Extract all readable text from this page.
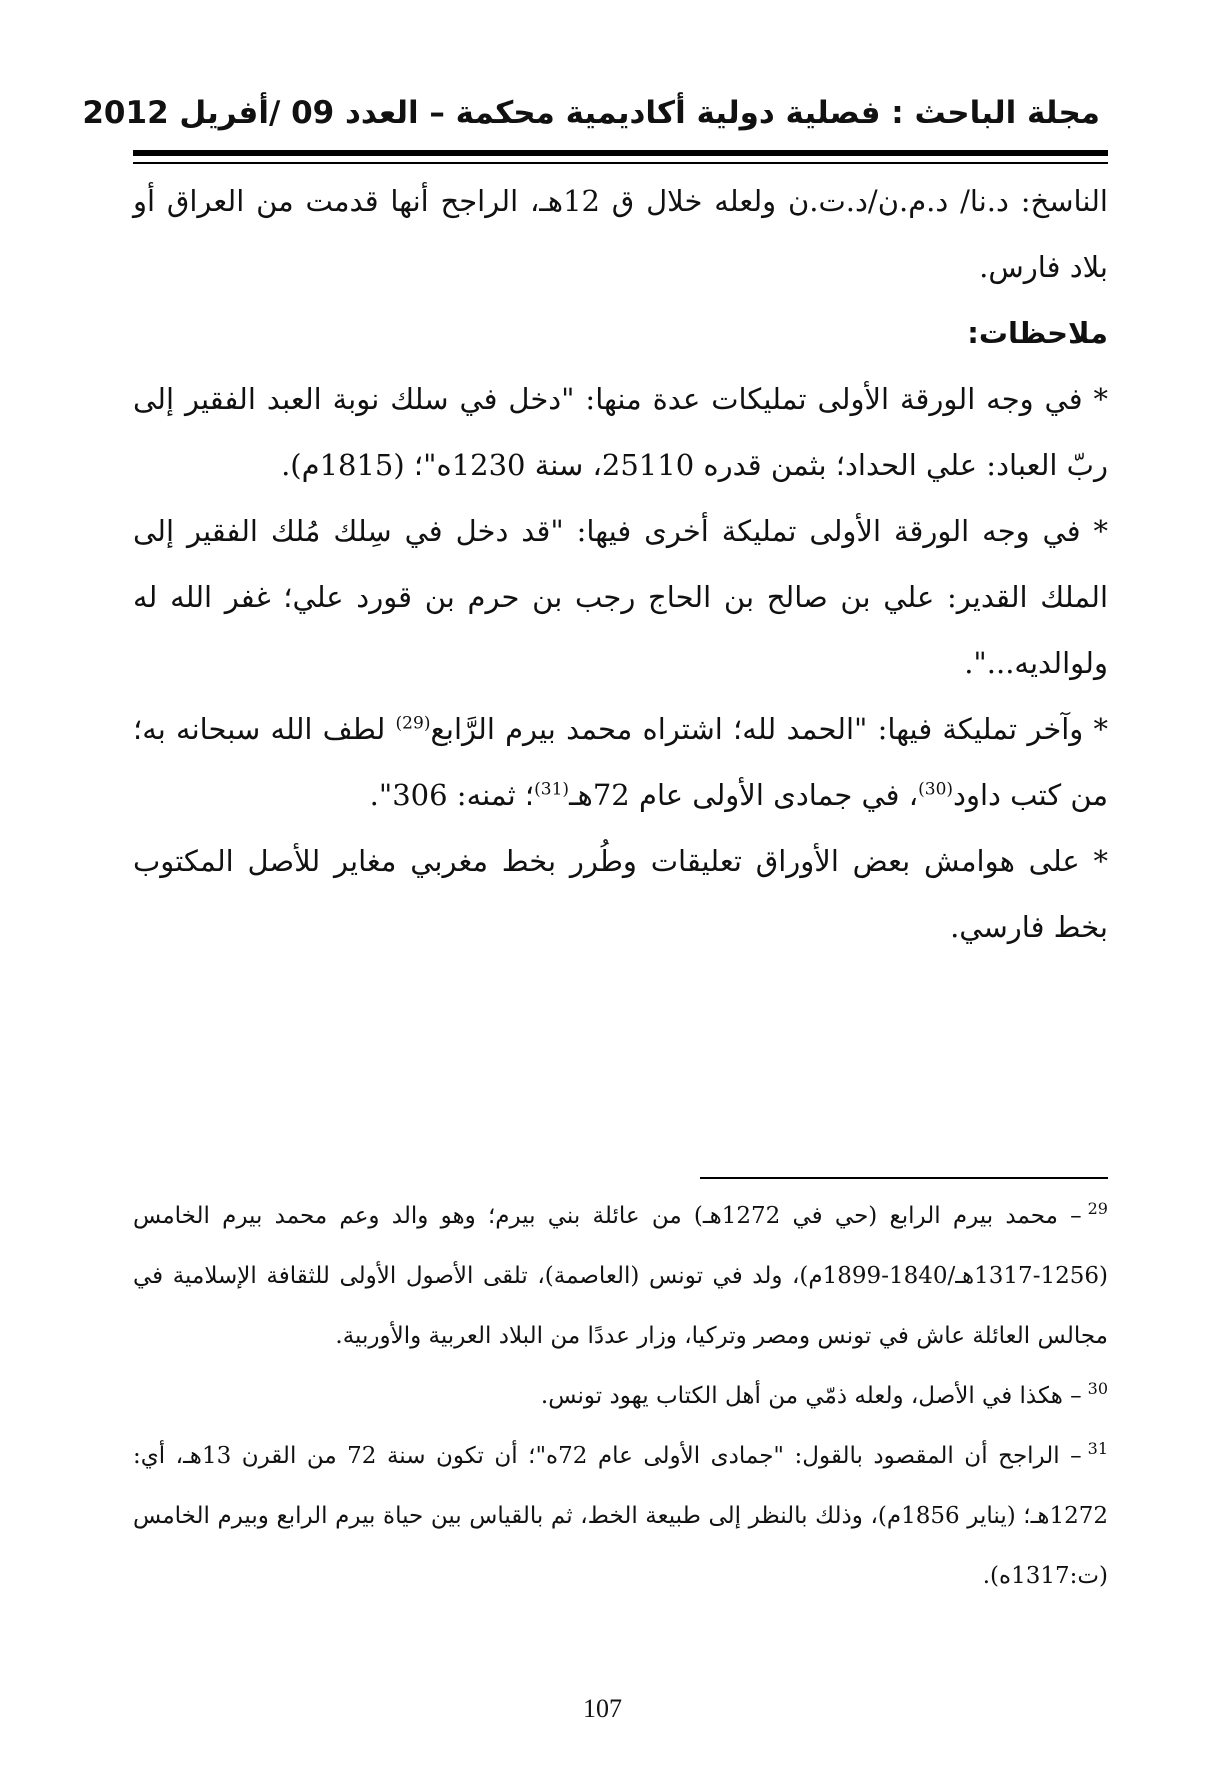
مجلة الباحث : فصلية دولية أكاديمية محكمة – العدد 09 /أفريل 2012

الناسخ: د.نا/ د.م.ن/د.ت.ن ولعله خلال ق 12هـ، الراجح أنها قدمت من العراق أو بلاد فارس.

ملاحظات:

* في وجه الورقة الأولى تمليكات عدة منها: "دخل في سلك نوبة العبد الفقير إلى ربّ العباد: علي الحداد؛ بثمن قدره 25110، سنة 1230ه"؛ (1815م).

* في وجه الورقة الأولى تمليكة أخرى فيها: "قد دخل في سِلك مُلك الفقير إلى الملك القدير: علي بن صالح بن الحاج رجب بن حرم بن قورد علي؛ غفر الله له ولوالديه...".

* وآخر تمليكة فيها: "الحمد لله؛ اشتراه محمد بيرم الرَّابع$^{(29)}$ لطف الله سبحانه به؛ من كتب داود$^{(30)}$، في جمادى الأولى عام 72هـ$^{(31)}$؛ ثمنه: 306".

* على هوامش بعض الأوراق تعليقات وطُرر بخط مغربي مغاير للأصل المكتوب بخط فارسي.

$^{29}$– محمد بيرم الرابع (حي في 1272هـ) من عائلة بني بيرم؛ وهو والد وعم محمد بيرم الخامس (1256-1317هـ/1840-1899م)، ولد في تونس (العاصمة)، تلقى الأصول الأولى للثقافة الإسلامية في مجالس العائلة عاش في تونس ومصر وتركيا، وزار عددًا من البلاد العربية والأوربية.

$^{30}$– هكذا في الأصل، ولعله ذمّي من أهل الكتاب يهود تونس.

$^{31}$– الراجح أن المقصود بالقول: "جمادى الأولى عام 72ه"؛ أن تكون سنة 72 من القرن 13هـ، أي: 1272هـ؛ (يناير 1856م)، وذلك بالنظر إلى طبيعة الخط، ثم بالقياس بين حياة بيرم الرابع وبيرم الخامس (ت:1317ه).

107
